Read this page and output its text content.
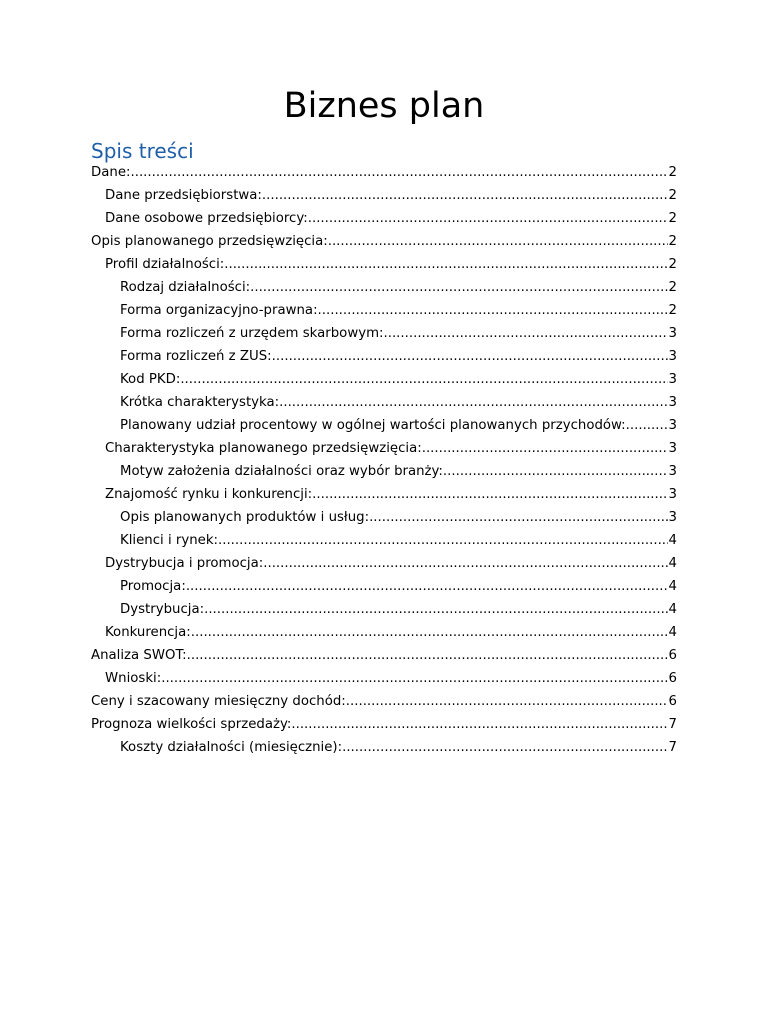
Biznes plan
Spis treści
Dane: .....	2
Dane przedsiębiorstwa: .....	2
Dane osobowe przedsiębiorcy: .....	2
Opis planowanego przedsięwzięcia: .....	2
Profil działalności: .....	2
Rodzaj działalności: .....	2
Forma organizacyjno-prawna: .....	2
Forma rozliczeń z urzędem skarbowym: .....	3
Forma rozliczeń z ZUS: .....	3
Kod PKD: .....	3
Krótka charakterystyka: .....	3
Planowany udział procentowy w ogólnej wartości planowanych przychodów: .....	3
Charakterystyka planowanego przedsięwzięcia: .....	3
Motyw założenia działalności oraz wybór branży: .....	3
Znajomość rynku i konkurencji: .....	3
Opis planowanych produktów i usług: .....	3
Klienci i rynek: .....	4
Dystrybucja i promocja: .....	4
Promocja: .....	4
Dystrybucja: .....	4
Konkurencja: .....	4
Analiza SWOT: .....	6
Wnioski: .....	6
Ceny i szacowany miesięczny dochód: .....	6
Prognoza wielkości sprzedaży: .....	7
Koszty działalności (miesięcznie): .....	7
